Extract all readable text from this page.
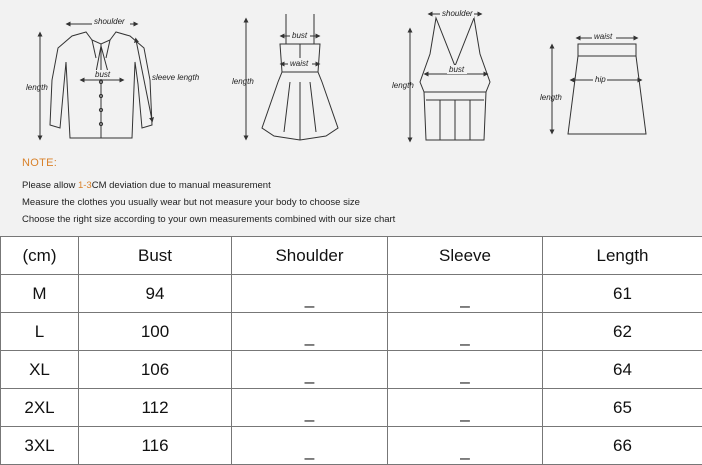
shoulder
bust
length
sleeve length
bust
waist
length
shoulder
bust
length
waist
hip
length
NOTE:
Please allow 1-3CM deviation due to manual measurement
Measure the clothes you usually wear but not measure your body to choose size
Choose the right size according to your own measurements combined with our size chart
(cm)	Bust	Shoulder	Sleeve	Length
M	94	_	_	61
L	100	_	_	62
XL	106	_	_	64
2XL	112	_	_	65
3XL	116	_	_	66
